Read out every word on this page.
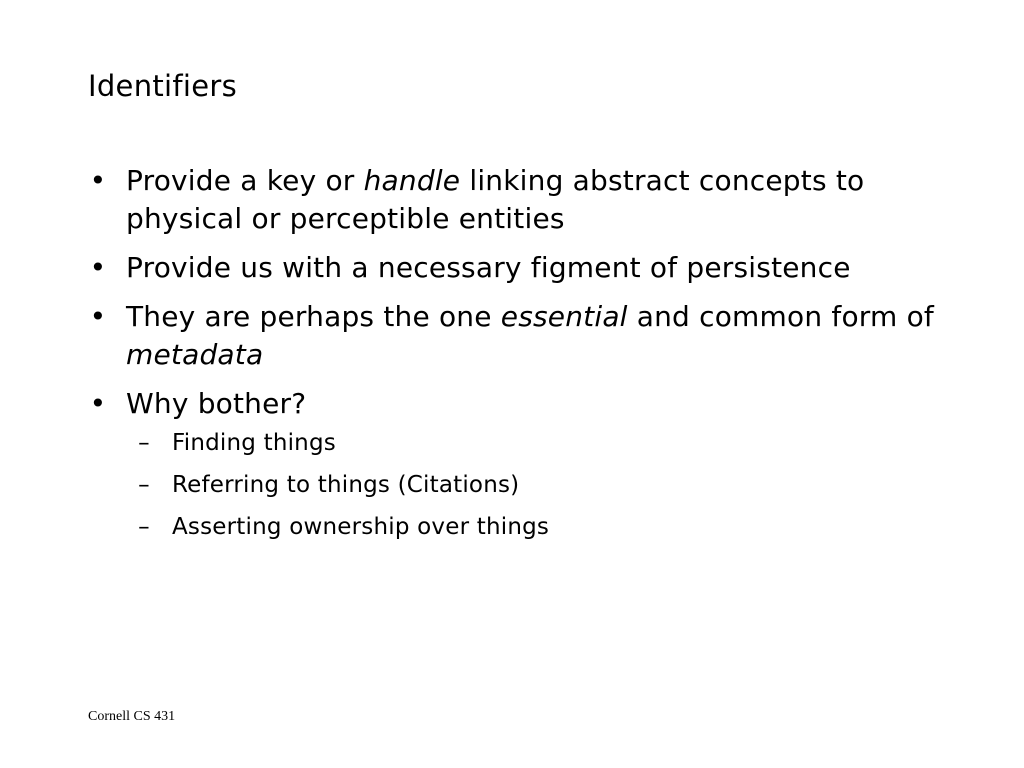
Identifiers
• Provide a key or handle linking abstract concepts to physical or perceptible entities
• Provide us with a necessary figment of persistence
• They are perhaps the one essential and common form of metadata
• Why bother?
– Finding things
– Referring to things (Citations)
– Asserting ownership over things
Cornell CS 431
